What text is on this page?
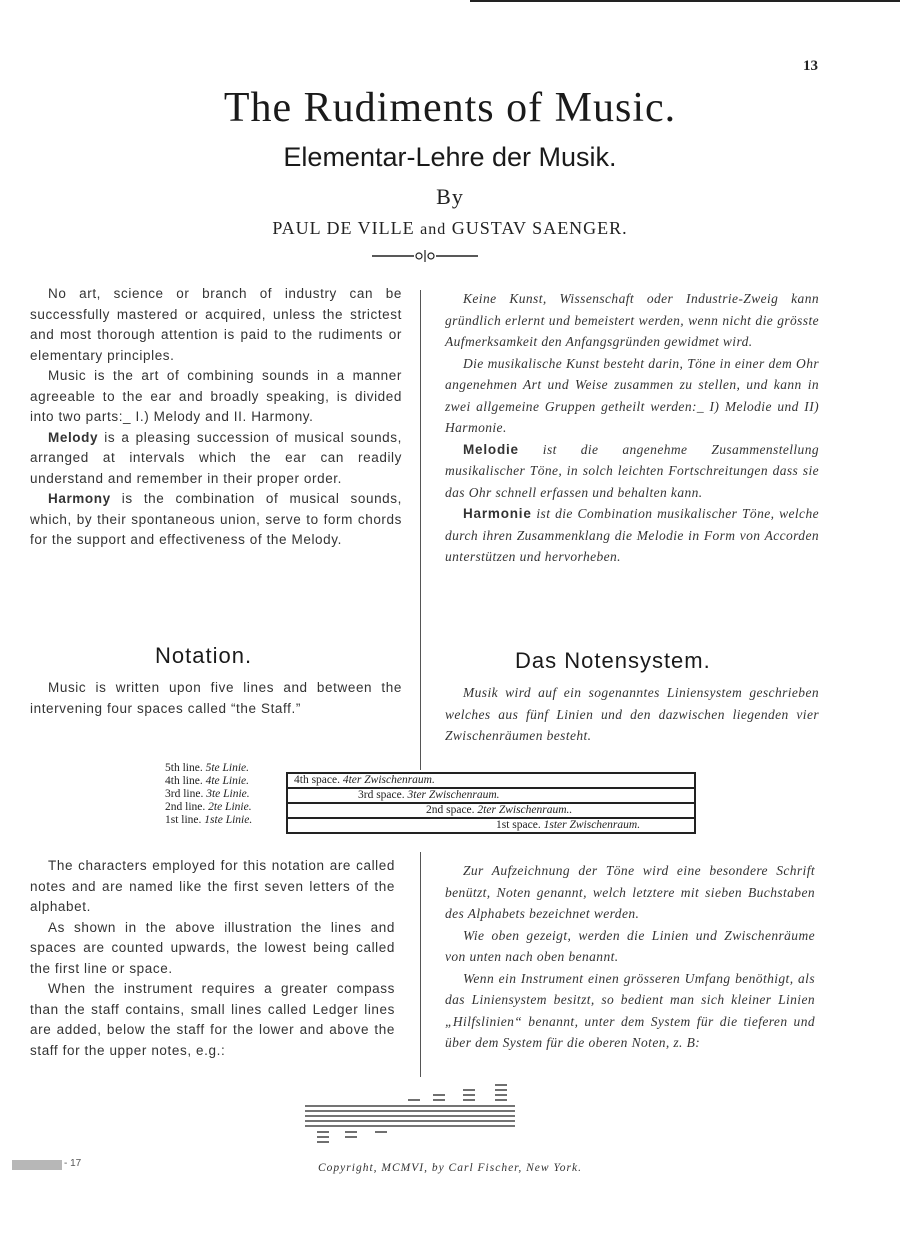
13
The Rudiments of Music.
Elementar-Lehre der Musik.
By
PAUL DE VILLE and GUSTAV SAENGER.

No art, science or branch of industry can be successfully mastered or acquired, unless the strictest and most thorough attention is paid to the rudiments or elementary principles.

Music is the art of combining sounds in a manner agreeable to the ear and broadly speaking, is divided into two parts:_ I.) Melody and II. Harmony.

Melody is a pleasing succession of musical sounds, arranged at intervals which the ear can readily understand and remember in their proper order.

Harmony is the combination of musical sounds, which, by their spontaneous union, serve to form chords for the support and effectiveness of the Melody.

Keine Kunst, Wissenschaft oder Industrie-Zweig kann gründlich erlernt und bemeistert werden, wenn nicht die grösste Aufmerksamkeit den Anfangsgründen gewidmet wird.

Die musikalische Kunst besteht darin, Töne in einer dem Ohr angenehmen Art und Weise zusammen zu stellen, und kann in zwei allgemeine Gruppen getheilt werden:_ I) Melodie und II) Harmonie.

Melodie ist die angenehme Zusammenstellung musikalischer Töne, in solch leichten Fortschreitungen dass sie das Ohr schnell erfassen und behalten kann.

Harmonie ist die Combination musikalischer Töne, welche durch ihren Zusammenklang die Melodie in Form von Accorden unterstützen und hervorheben.

Notation.	Das Notensystem.

Music is written upon five lines and between the intervening four spaces called “the Staff.”

Musik wird auf ein sogenanntes Liniensystem geschrieben welches aus fünf Linien und den dazwischen liegenden vier Zwischenräumen besteht.

5th line. 5te Linie.
4th line. 4te Linie.
3rd line. 3te Linie.
2nd line. 2te Linie.
1st line. 1ste Linie.
4th space. 4ter Zwischenraum.
3rd space. 3ter Zwischenraum.
2nd space. 2ter Zwischenraum..
1st space. 1ster Zwischenraum.

The characters employed for this notation are called notes and are named like the first seven letters of the alphabet.

As shown in the above illustration the lines and spaces are counted upwards, the lowest being called the first line or space.

When the instrument requires a greater compass than the staff contains, small lines called Ledger lines are added, below the staff for the lower and above the staff for the upper notes, e.g.:

Zur Aufzeichnung der Töne wird eine besondere Schrift benützt, Noten genannt, welch letztere mit sieben Buchstaben des Alphabets bezeichnet werden.

Wie oben gezeigt, werden die Linien und Zwischenräume von unten nach oben benannt.

Wenn ein Instrument einen grösseren Umfang benöthigt, als das Liniensystem besitzt, so bedient man sich kleiner Linien „Hilfslinien“ benannt, unter dem System für die tieferen und über dem System für die oberen Noten, z. B:

Copyright, MCMVI, by Carl Fischer, New York.
- 17
